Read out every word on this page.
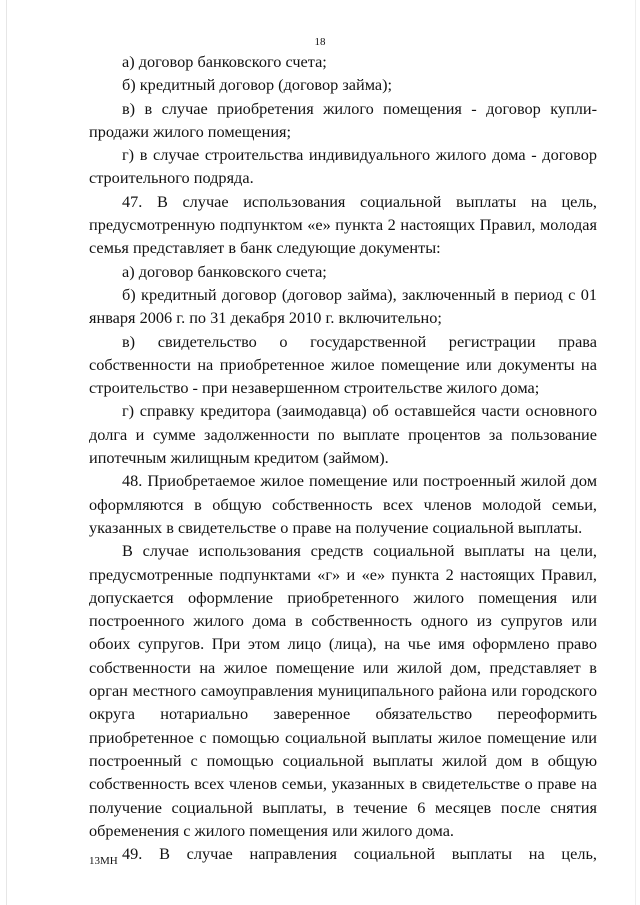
18

а) договор банковского счета;

б) кредитный договор (договор займа);

в) в случае приобретения жилого помещения - договор купли-продажи жилого помещения;

г) в случае строительства индивидуального жилого дома - договор строительного подряда.

47. В случае использования социальной выплаты на цель, предусмотренную подпунктом «е» пункта 2 настоящих Правил, молодая семья представляет в банк следующие документы:

а) договор банковского счета;

б) кредитный договор (договор займа), заключенный в период с 01 января 2006 г. по 31 декабря 2010 г. включительно;

в) свидетельство о государственной регистрации права собственности на приобретенное жилое помещение или документы на строительство - при незавершенном строительстве жилого дома;

г) справку кредитора (заимодавца) об оставшейся части основного долга и сумме задолженности по выплате процентов за пользование ипотечным жилищным кредитом (займом).

48. Приобретаемое жилое помещение или построенный жилой дом оформляются в общую собственность всех членов молодой семьи, указанных в свидетельстве о праве на получение социальной выплаты.

В случае использования средств социальной выплаты на цели, предусмотренные подпунктами «г» и «е» пункта 2 настоящих Правил, допускается оформление приобретенного жилого помещения или построенного жилого дома в собственность одного из супругов или обоих супругов. При этом лицо (лица), на чье имя оформлено право собственности на жилое помещение или жилой дом, представляет в орган местного самоуправления муниципального района или городского округа нотариально заверенное обязательство переоформить приобретенное с помощью социальной выплаты жилое помещение или построенный с помощью социальной выплаты жилой дом в общую собственность всех членов семьи, указанных в свидетельстве о праве на получение социальной выплаты, в течение 6 месяцев после снятия обременения с жилого помещения или жилого дома.

49. В случае направления социальной выплаты на цель,

13МН
